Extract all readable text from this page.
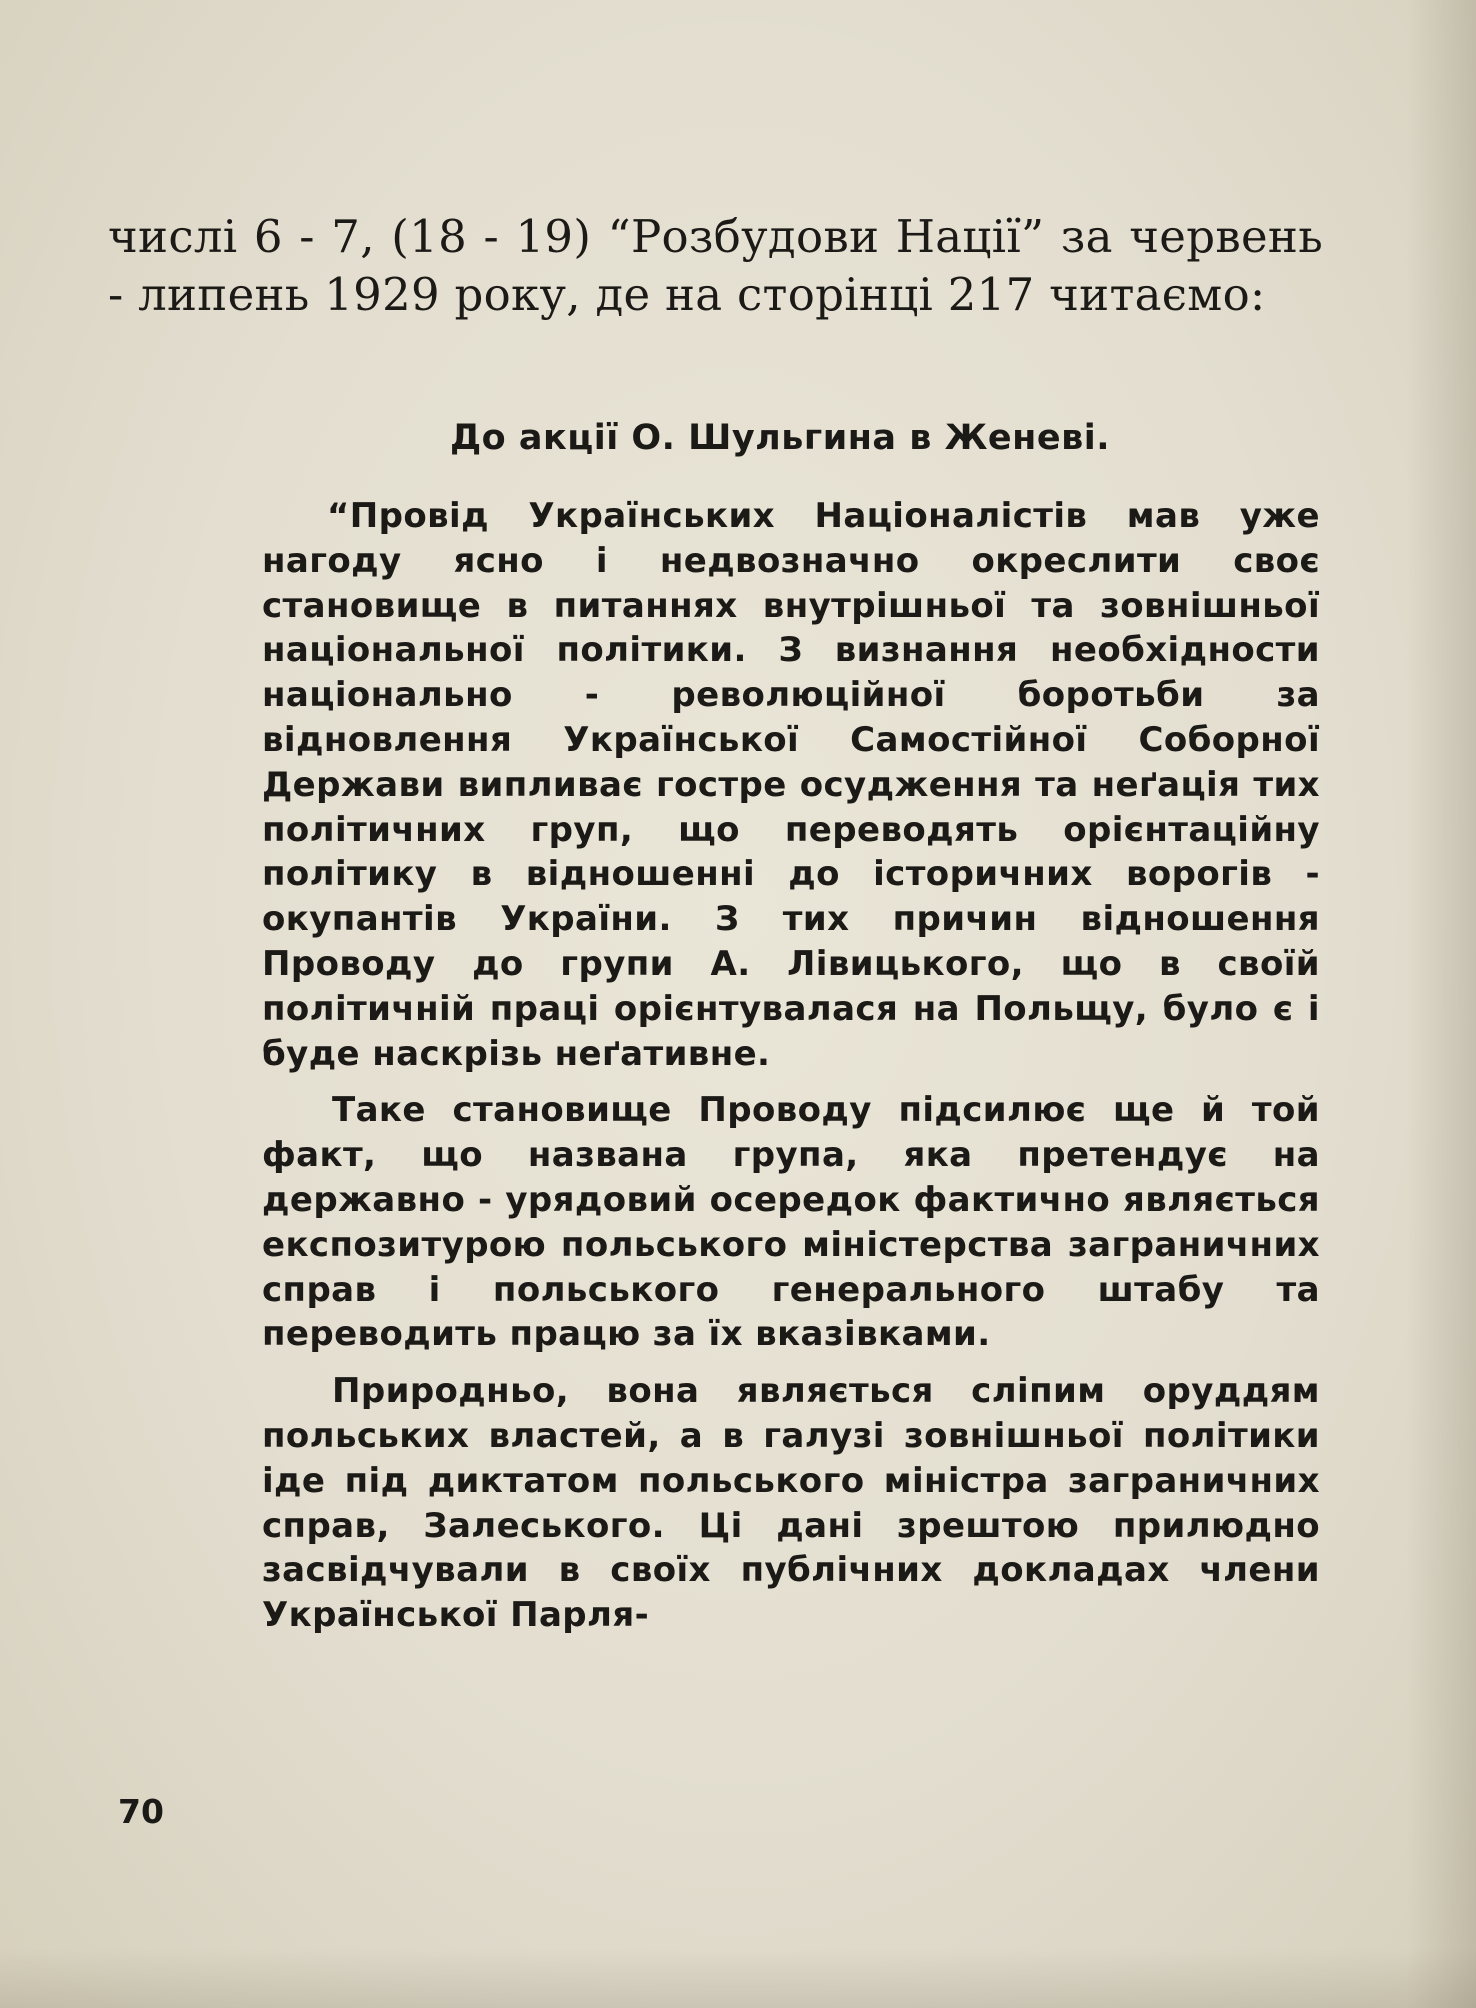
числі 6 - 7, (18 - 19) “Розбудови Нації” за червень - липень 1929 року, де на сторінці 217 читаємо:
До акції О. Шульгина в Женеві.

“Провід Українських Націоналістів мав уже нагоду ясно і недвозначно окреслити своє становище в питаннях внутрішньої та зовнішньої національної політики. З визнання необхідности національно - революційної боротьби за відновлення Української Самостійної Соборної Держави випливає гостре осудження та неґація тих політичних груп, що переводять орієнтаційну політику в відношенні до історичних ворогів - окупантів України. З тих причин відношення Проводу до групи А. Лівицького, що в своїй політичній праці орієнтувалася на Польщу, було є і буде наскрізь неґативне.

Таке становище Проводу підсилює ще й той факт, що названа група, яка претендує на державно - урядовий осередок фактично являється експозитурою польського міністерства заграничних справ і польського генерального штабу та переводить працю за їх вказівками.

Природньо, вона являється сліпим оруддям польських властей, а в галузі зовнішньої політики іде під диктатом польського міністра заграничних справ, Залеського. Ці дані зрештою прилюдно засвідчували в своїх публічних докладах члени Української Парля-

70
